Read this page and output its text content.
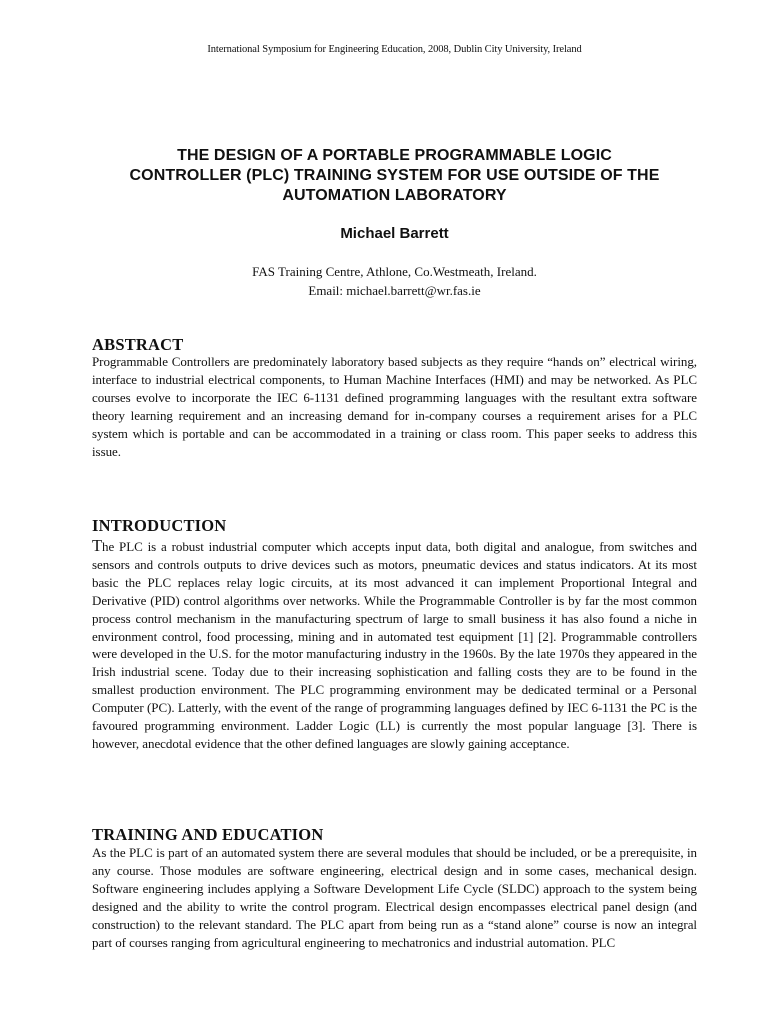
International Symposium for Engineering Education, 2008, Dublin City University, Ireland
THE DESIGN OF A PORTABLE PROGRAMMABLE LOGIC
CONTROLLER (PLC) TRAINING SYSTEM FOR USE OUTSIDE OF THE
AUTOMATION LABORATORY
Michael Barrett
FAS Training Centre, Athlone, Co.Westmeath, Ireland.
Email: michael.barrett@wr.fas.ie
ABSTRACT
Programmable Controllers are predominately laboratory based subjects as they require “hands on” electrical wiring, interface to industrial electrical components, to Human Machine Interfaces (HMI) and may be networked. As PLC courses evolve to incorporate the IEC 6-1131 defined programming languages with the resultant extra software theory learning requirement and an increasing demand for in-company courses a requirement arises for a PLC system which is portable and can be accommodated in a training or class room. This paper seeks to address this issue.
INTRODUCTION
The PLC is a robust industrial computer which accepts input data, both digital and analogue, from switches and sensors and controls outputs to drive devices such as motors, pneumatic devices and status indicators. At its most basic the PLC replaces relay logic circuits, at its most advanced it can implement Proportional Integral and Derivative (PID) control algorithms over networks. While the Programmable Controller is by far the most common process control mechanism in the manufacturing spectrum of large to small business it has also found a niche in environment control, food processing, mining and in automated test equipment [1] [2]. Programmable controllers were developed in the U.S. for the motor manufacturing industry in the 1960s. By the late 1970s they appeared in the Irish industrial scene. Today due to their increasing sophistication and falling costs they are to be found in the smallest production environment. The PLC programming environment may be dedicated terminal or a Personal Computer (PC). Latterly, with the event of the range of programming languages defined by IEC 6-1131 the PC is the favoured programming environment. Ladder Logic (LL) is currently the most popular language [3]. There is however, anecdotal evidence that the other defined languages are slowly gaining acceptance.
TRAINING AND EDUCATION
As the PLC is part of an automated system there are several modules that should be included, or be a prerequisite, in any course. Those modules are software engineering, electrical design and in some cases, mechanical design. Software engineering includes applying a Software Development Life Cycle (SLDC) approach to the system being designed and the ability to write the control program. Electrical design encompasses electrical panel design (and construction) to the relevant standard. The PLC apart from being run as a “stand alone” course is now an integral part of courses ranging from agricultural engineering to mechatronics and industrial automation. PLC
